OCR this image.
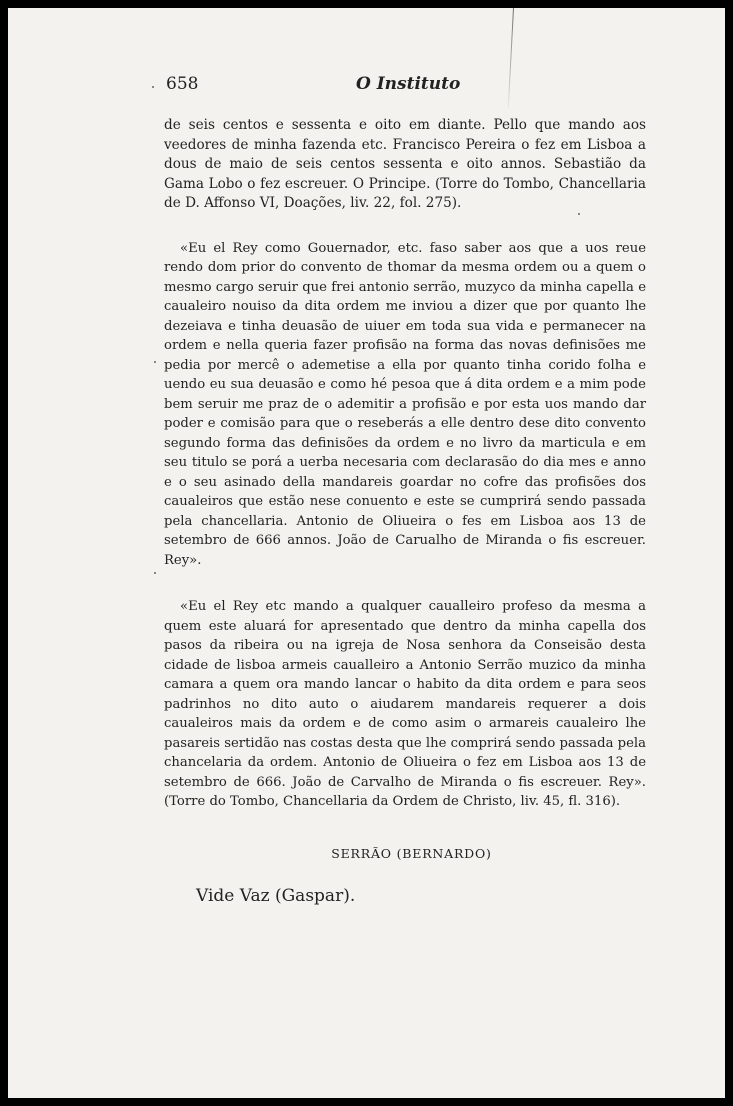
658	O Instituto

de seis centos e sessenta e oito em diante. Pello que mando aos veedores de minha fazenda etc. Francisco Pereira o fez em Lisboa a dous de maio de seis centos sessenta e oito annos. Sebastião da Gama Lobo o fez escreuer. O Principe. (Torre do Tombo, Chancellaria de D. Affonso VI, Doações, liv. 22, fol. 275).

«Eu el Rey como Gouernador, etc. faso saber aos que a uos reue rendo dom prior do convento de thomar da mesma ordem ou a quem o mesmo cargo seruir que frei antonio serrão, muzyco da minha capella e caualeiro nouiso da dita ordem me inviou a dizer que por quanto lhe dezeiava e tinha deuasão de uiuer em toda sua vida e permanecer na ordem e nella queria fazer profisão na forma das novas definisões me pedia por mercê o ademetise a ella por quanto tinha corido folha e uendo eu sua deuasão e como hé pesoa que á dita ordem e a mim pode bem seruir me praz de o ademitir a profisão e por esta uos mando dar poder e comisão para que o reseberás a elle dentro dese dito convento segundo forma das definisões da ordem e no livro da marticula e em seu titulo se porá a uerba necesaria com declarasão do dia mes e anno e o seu asinado della mandareis goardar no cofre das profisões dos caualeiros que estão nese conuento e este se cumprirá sendo passada pela chancellaria. Antonio de Oliueira o fes em Lisboa aos 13 de setembro de 666 annos. João de Carualho de Miranda o fis escreuer. Rey».

«Eu el Rey etc mando a qualquer caualleiro profeso da mesma a quem este aluará for apresentado que dentro da minha capella dos pasos da ribeira ou na igreja de Nosa senhora da Conseisão desta cidade de lisboa armeis caualleiro a Antonio Serrão muzico da minha camara a quem ora mando lancar o habito da dita ordem e para seos padrinhos no dito auto o aiudarem mandareis requerer a dois caualeiros mais da ordem e de como asim o armareis caualeiro lhe pasareis sertidão nas costas desta que lhe comprirá sendo passada pela chancelaria da ordem. Antonio de Oliueira o fez em Lisboa aos 13 de setembro de 666. João de Carvalho de Miranda o fis escreuer. Rey». (Torre do Tombo, Chancellaria da Ordem de Christo, liv. 45, fl. 316).

SERRÃO (BERNARDO)
Vide Vaz (Gaspar).
